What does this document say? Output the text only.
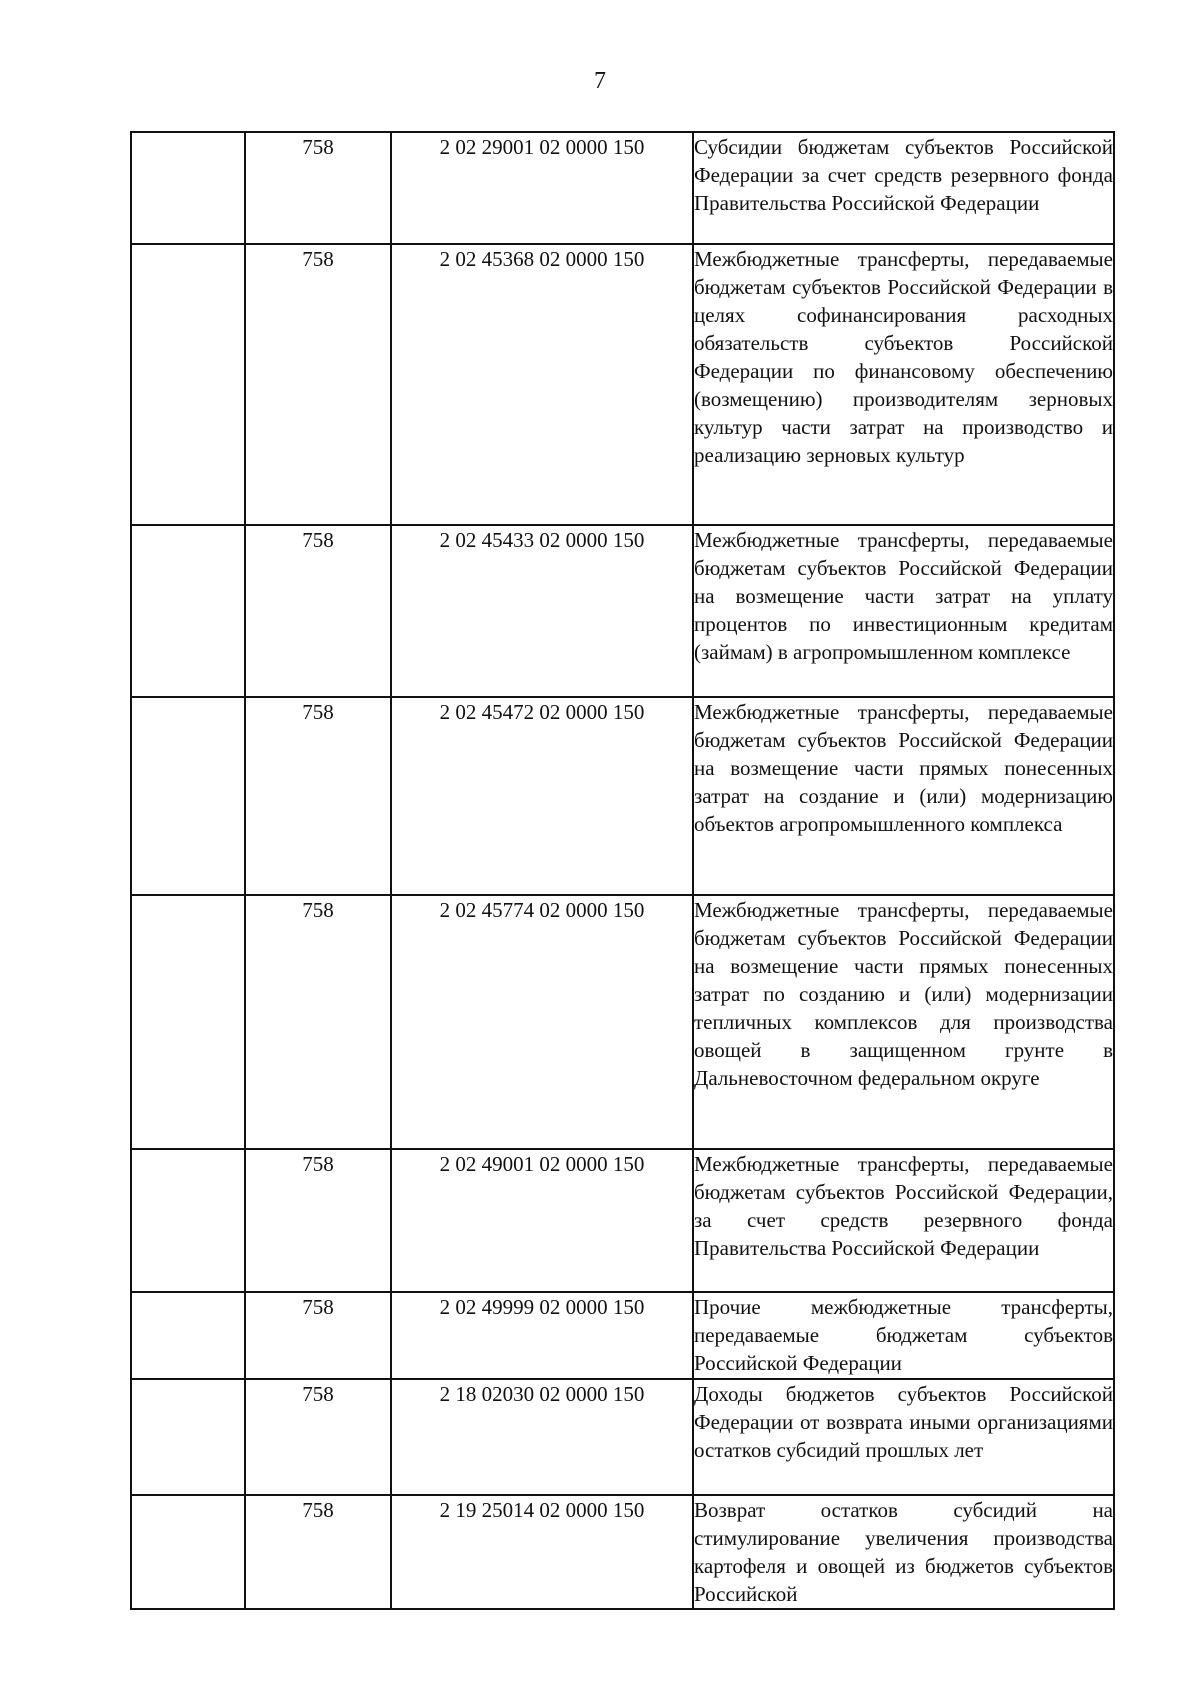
7
	758	2 02 29001 02 0000 150	Субсидии бюджетам субъектов Российской Федерации за счет средств резервного фонда Правительства Российской Федерации
	758	2 02 45368 02 0000 150	Межбюджетные трансферты, передаваемые бюджетам субъектов Российской Федерации в целях софинансирования расходных обязательств субъектов Российской Федерации по финансовому обеспечению (возмещению) производителям зерновых культур части затрат на производство и реализацию зерновых культур
	758	2 02 45433 02 0000 150	Межбюджетные трансферты, передаваемые бюджетам субъектов Российской Федерации на возмещение части затрат на уплату процентов по инвестиционным кредитам (займам) в агропромышленном комплексе
	758	2 02 45472 02 0000 150	Межбюджетные трансферты, передаваемые бюджетам субъектов Российской Федерации на возмещение части прямых понесенных затрат на создание и (или) модернизацию объектов агропромышленного комплекса
	758	2 02 45774 02 0000 150	Межбюджетные трансферты, передаваемые бюджетам субъектов Российской Федерации на возмещение части прямых понесенных затрат по созданию и (или) модернизации тепличных комплексов для производства овощей в защищенном грунте в Дальневосточном федеральном округе
	758	2 02 49001 02 0000 150	Межбюджетные трансферты, передаваемые бюджетам субъектов Российской Федерации, за счет средств резервного фонда Правительства Российской Федерации
	758	2 02 49999 02 0000 150	Прочие межбюджетные трансферты, передаваемые бюджетам субъектов Российской Федерации
	758	2 18 02030 02 0000 150	Доходы бюджетов субъектов Российской Федерации от возврата иными организациями остатков субсидий прошлых лет
	758	2 19 25014 02 0000 150	Возврат остатков субсидий на стимулирование увеличения производства картофеля и овощей из бюджетов субъектов Российской
